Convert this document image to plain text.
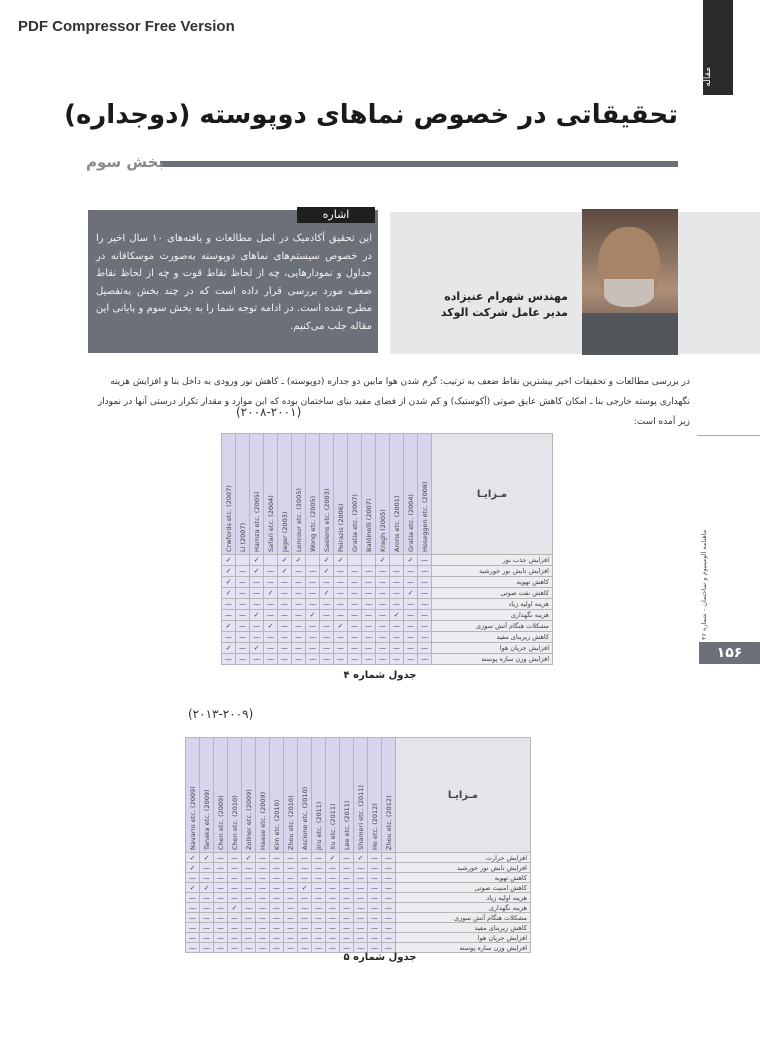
PDF Compressor Free Version
مقاله
تحقیقاتی در خصوص نماهای دوپوسته (دوجداره)
بخش سوم
مهندس شهرام عنیزاده
مدیر عامل شرکت الوکد
اشاره
این تحقیق آکادمیک در اصل مطالعات و یافته‌های ۱۰ سال اخیر را در خصوص سیستم‌های نماهای دوپوسته به‌صورت موسکافانه در جداول و نمودارهایی، چه از لحاظ نقاط قوت و چه از لحاظ نقاط ضعف مورد بررسی قرار داده است که در چند بخش به‌تفصیل مطرح شده است. در ادامه توجه شما را به بخش سوم و پایانی این مقاله جلب می‌کنیم.
در بررسی مطالعات و تحقیقات اخیر بیشترین نقاط ضعف به ترتیب: گرم شدن هوا مابین دو جداره (دوپوسته) ـ کاهش نور ورودی به داخل بنا و افزایش هزینه نگهداری پوسته خارجی بنا ـ امکان کاهش عایق صوتی (آکوستیک) و کم شدن از فضای مفید بنای ساختمان بوده که این موارد و مقدار تکرار درستی آنها در نمودار زیر آمده است:
(۲۰۰۸-۲۰۰۱)
Crwfords etc. (2007)	Li (2007)	Hamza etc. (2005)	Safari etc. (2004)	Jager (2003)	Loncour etc. (2005)	Wong etc. (2005)	Saelens etc. (2003)	Poirazis (2006)	Gratia etc. (2007)	Baldinelli (2007)	Kragh (2005)	Arons etc. (2001)	Gratia etc. (2004)	Hoseggen etc. (2008)	مـزایـا
✓		✓		✓	✓		✓	✓			✓		✓	—	افزایش جذب نور
✓	—	✓	—	✓	—	—	✓	—	—	—	—	—	—	—	افزایش تابش نور خورشید
✓	—	—	—	—	—	—	—	—	—	—	—	—	—	—	کاهش تهویه
✓	—	—	✓	—	—	—	✓	—	—	—	—	—	✓	—	کاهش نفت صوتی
—	—	—	—	—	—	—	—	—	—	—	—	—	—	—	هزینه اولیه زیاد
—	—	✓	—	—	—	✓	—	—	—	—	—	✓	—	—	هزینه نگهداری
✓	—	—	✓	—	—	—	—	✓	—	—	—	—	—	—	مشکلات هنگام آتش سوزی
—	—	—	—	—	—	—	—	—	—	—	—	—	—	—	کاهش زیربنای مفید
✓	—	✓	—	—	—	—	—	—	—	—	—	—	—	—	افزایش جریان هوا
—	—	—	—	—	—	—	—	—	—	—	—	—	—	—	افزایش وزن سازه پوسته
جدول شماره ۴
(۲۰۱۳-۲۰۰۹)
Navarro etc. (2009)	Tanaka etc. (2009)	Chen etc. (2009)	Chen etc. (2010)	Zollner etc. (2009)	Haase etc. (2009)	Kim etc. (2010)	Zhou etc. (2010)	Ascione etc. (2010)	Jiru etc. (2011)	Xu etc. (2011)	Lee etc. (2011)	Shameri etc. (2011)	He etc. (2012)	Zhou etc. (2012)	مـزایـا
✓	✓	—	—	✓	—	—	—	—	—	✓	—	✓	—	—	افزایش حرارت
✓	—	—	—	—	—	—	—	—	—	—	—	—	—	—	افزایش تابش نور خورشید
—	—	—	—	—	—	—	—	—	—	—	—	—	—	—	کاهش تهویه
✓	✓	—	—	—	—	—	—	✓	—	—	—	—	—	—	کاهش امنیت صوتی
—	—	—	—	—	—	—	—	—	—	—	—	—	—	—	هزینه اولیه زیاد
—	—	—	✓	—	—	—	—	—	—	—	—	—	—	—	هزینه نگهداری
—	—	—	—	—	—	—	—	—	—	—	—	—	—	—	مشکلات هنگام آتش سوزی
—	—	—	—	—	—	—	—	—	—	—	—	—	—	—	کاهش زیربنای مفید
—	—	—	—	—	—	—	—	—	—	—	—	—	—	—	افزایش جریان هوا
—	—	—	—	—	—	—	—	—	—	—	—	—	—	—	افزایش وزن سازه پوسته
جدول شماره ۵
ماهنامه آلومینیوم و ساختمان - شماره ۴۶
۱۵۶
